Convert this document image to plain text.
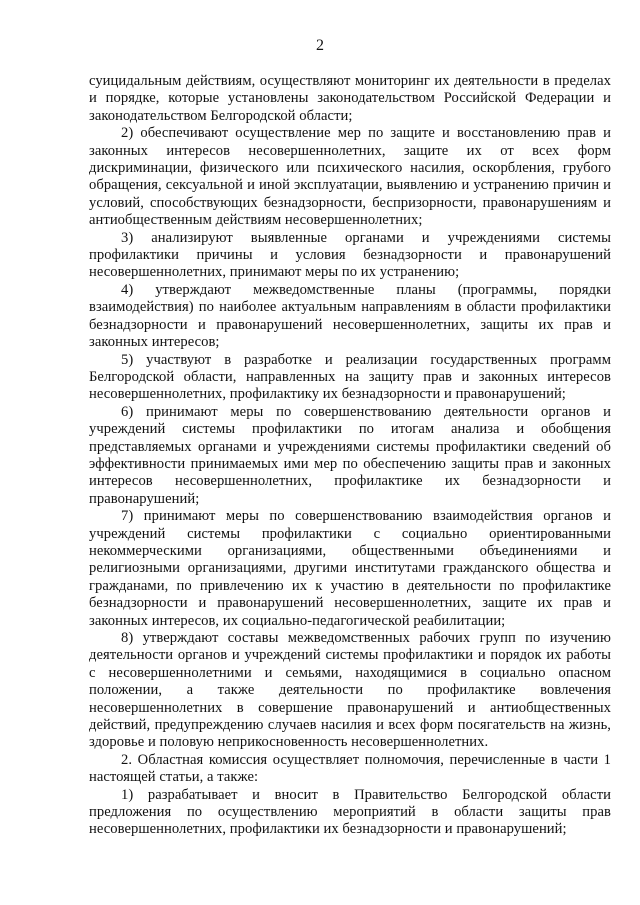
2

суицидальным действиям, осуществляют мониторинг их деятельности в пределах и порядке, которые установлены законодательством Российской Федерации и законодательством Белгородской области;

2) обеспечивают осуществление мер по защите и восстановлению прав и законных интересов несовершеннолетних, защите их от всех форм дискриминации, физического или психического насилия, оскорбления, грубого обращения, сексуальной и иной эксплуатации, выявлению и устранению причин и условий, способствующих безнадзорности, беспризорности, правонарушениям и антиобщественным действиям несовершеннолетних;

3) анализируют выявленные органами и учреждениями системы профилактики причины и условия безнадзорности и правонарушений несовершеннолетних, принимают меры по их устранению;

4) утверждают межведомственные планы (программы, порядки взаимодействия) по наиболее актуальным направлениям в области профилактики безнадзорности и правонарушений несовершеннолетних, защиты их прав и законных интересов;

5) участвуют в разработке и реализации государственных программ Белгородской области, направленных на защиту прав и законных интересов несовершеннолетних, профилактику их безнадзорности и правонарушений;

6) принимают меры по совершенствованию деятельности органов и учреждений системы профилактики по итогам анализа и обобщения представляемых органами и учреждениями системы профилактики сведений об эффективности принимаемых ими мер по обеспечению защиты прав и законных интересов несовершеннолетних, профилактике их безнадзорности и правонарушений;

7) принимают меры по совершенствованию взаимодействия органов и учреждений системы профилактики с социально ориентированными некоммерческими организациями, общественными объединениями и религиозными организациями, другими институтами гражданского общества и гражданами, по привлечению их к участию в деятельности по профилактике безнадзорности и правонарушений несовершеннолетних, защите их прав и законных интересов, их социально-педагогической реабилитации;

8) утверждают составы межведомственных рабочих групп по изучению деятельности органов и учреждений системы профилактики и порядок их работы с несовершеннолетними и семьями, находящимися в социально опасном положении, а также деятельности по профилактике вовлечения несовершеннолетних в совершение правонарушений и антиобщественных действий, предупреждению случаев насилия и всех форм посягательств на жизнь, здоровье и половую неприкосновенность несовершеннолетних.

2. Областная комиссия осуществляет полномочия, перечисленные в части 1 настоящей статьи, а также:

1) разрабатывает и вносит в Правительство Белгородской области предложения по осуществлению мероприятий в области защиты прав несовершеннолетних, профилактики их безнадзорности и правонарушений;
